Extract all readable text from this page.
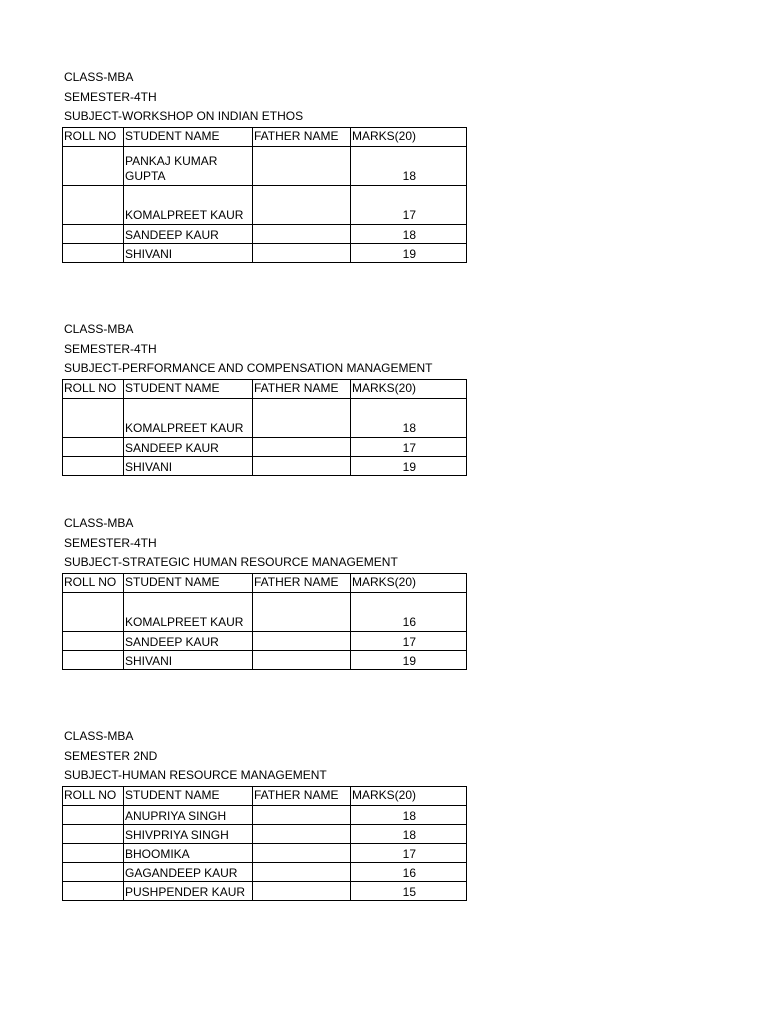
CLASS-MBA
SEMESTER-4TH
SUBJECT-WORKSHOP ON INDIAN ETHOS
ROLL NO	STUDENT NAME	FATHER NAME	MARKS(20)
	PANKAJ KUMAR GUPTA		18
	KOMALPREET KAUR		17
	SANDEEP KAUR		18
	SHIVANI		19
CLASS-MBA
SEMESTER-4TH
SUBJECT-PERFORMANCE AND COMPENSATION MANAGEMENT
ROLL NO	STUDENT NAME	FATHER NAME	MARKS(20)
	KOMALPREET KAUR		18
	SANDEEP KAUR		17
	SHIVANI		19
CLASS-MBA
SEMESTER-4TH
SUBJECT-STRATEGIC HUMAN RESOURCE MANAGEMENT
ROLL NO	STUDENT NAME	FATHER NAME	MARKS(20)
	KOMALPREET KAUR		16
	SANDEEP KAUR		17
	SHIVANI		19
CLASS-MBA
SEMESTER 2ND
SUBJECT-HUMAN RESOURCE MANAGEMENT
ROLL NO	STUDENT NAME	FATHER NAME	MARKS(20)
	ANUPRIYA SINGH		18
	SHIVPRIYA SINGH		18
	BHOOMIKA		17
	GAGANDEEP KAUR		16
	PUSHPENDER KAUR		15
